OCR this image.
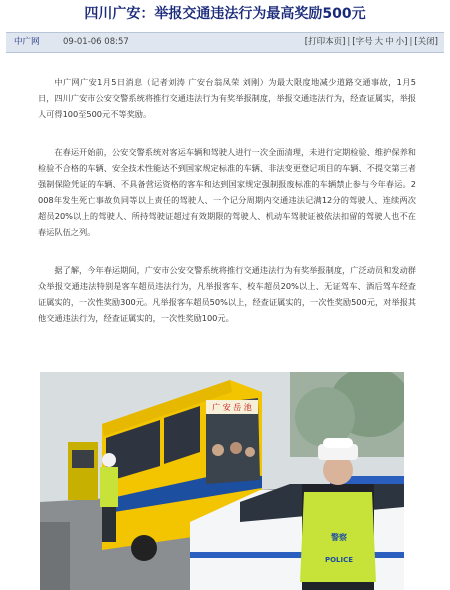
四川广安：举报交通违法行为最高奖励500元
中广网	09-01-06 08:57	[打印本页] | [字号 大 中 小] | [关闭]

中广网广安1月5日消息（记者刘涛 广安台翁凤荣 刘刚）为最大限度地减少道路交通事故，1月5日，四川广安市公安交警系统将推行交通违法行为有奖举报制度，举报交通违法行为，经查证属实，举报人可得100至500元不等奖励。

在春运开始前，公安交警系统对客运车辆和驾驶人进行一次全面清理，未进行定期检验、维护保养和检验不合格的车辆、安全技术性能达不到国家规定标准的车辆、非法变更登记项目的车辆、不提交第三者强制保险凭证的车辆、不具备营运资格的客车和达到国家规定强制报废标准的车辆禁止参与今年春运。2008年发生死亡事故负同等以上责任的驾驶人、一个记分周期内交通违法记满12分的驾驶人、连续两次超员20%以上的驾驶人、所持驾驶证超过有效期限的驾驶人、机动车驾驶证被依法扣留的驾驶人也不在春运队伍之列。

据了解，今年春运期间，广安市公安交警系统将推行交通违法行为有奖举报制度，广泛动员和发动群众举报交通违法特别是客车超员违法行为，凡举报客车、校车超员20%以上、无证驾车、酒后驾车经查证属实的，一次性奖励300元。凡举报客车超员50%以上，经查证属实的，一次性奖励500元，对举报其他交通违法行为，经查证属实的，一次性奖励100元。

广 安 岳 池
警察
POLICE
